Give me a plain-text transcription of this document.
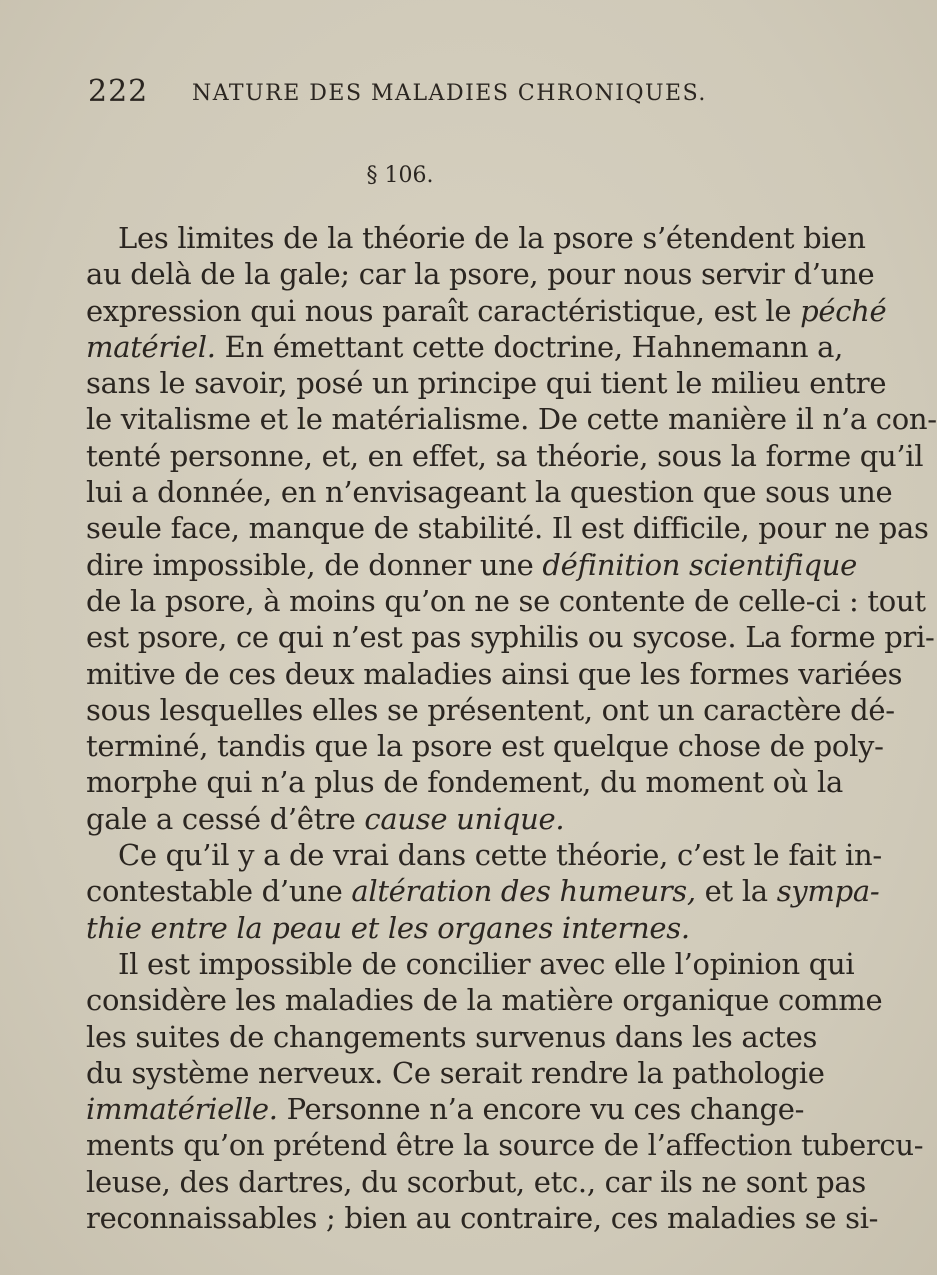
222 NATURE DES MALADIES CHRONIQUES.
§ 106.
Les limites de la théorie de la psore s’étendent bien
au delà de la gale; car la psore, pour nous servir d’une
expression qui nous paraît caractéristique, est le péché
matériel. En émettant cette doctrine, Hahnemann a,
sans le savoir, posé un principe qui tient le milieu entre
le vitalisme et le matérialisme. De cette manière il n’a con-
tenté personne, et, en effet, sa théorie, sous la forme qu’il
lui a donnée, en n’envisageant la question que sous une
seule face, manque de stabilité. Il est difficile, pour ne pas
dire impossible, de donner une définition scientifique
de la psore, à moins qu’on ne se contente de celle-ci : tout
est psore, ce qui n’est pas syphilis ou sycose. La forme pri-
mitive de ces deux maladies ainsi que les formes variées
sous lesquelles elles se présentent, ont un caractère dé-
terminé, tandis que la psore est quelque chose de poly-
morphe qui n’a plus de fondement, du moment où la
gale a cessé d’être cause unique.
Ce qu’il y a de vrai dans cette théorie, c’est le fait in-
contestable d’une altération des humeurs, et la sympa-
thie entre la peau et les organes internes.
Il est impossible de concilier avec elle l’opinion qui
considère les maladies de la matière organique comme
les suites de changements survenus dans les actes
du système nerveux. Ce serait rendre la pathologie
immatérielle. Personne n’a encore vu ces change-
ments qu’on prétend être la source de l’affection tubercu-
leuse, des dartres, du scorbut, etc., car ils ne sont pas
reconnaissables ; bien au contraire, ces maladies se si-
